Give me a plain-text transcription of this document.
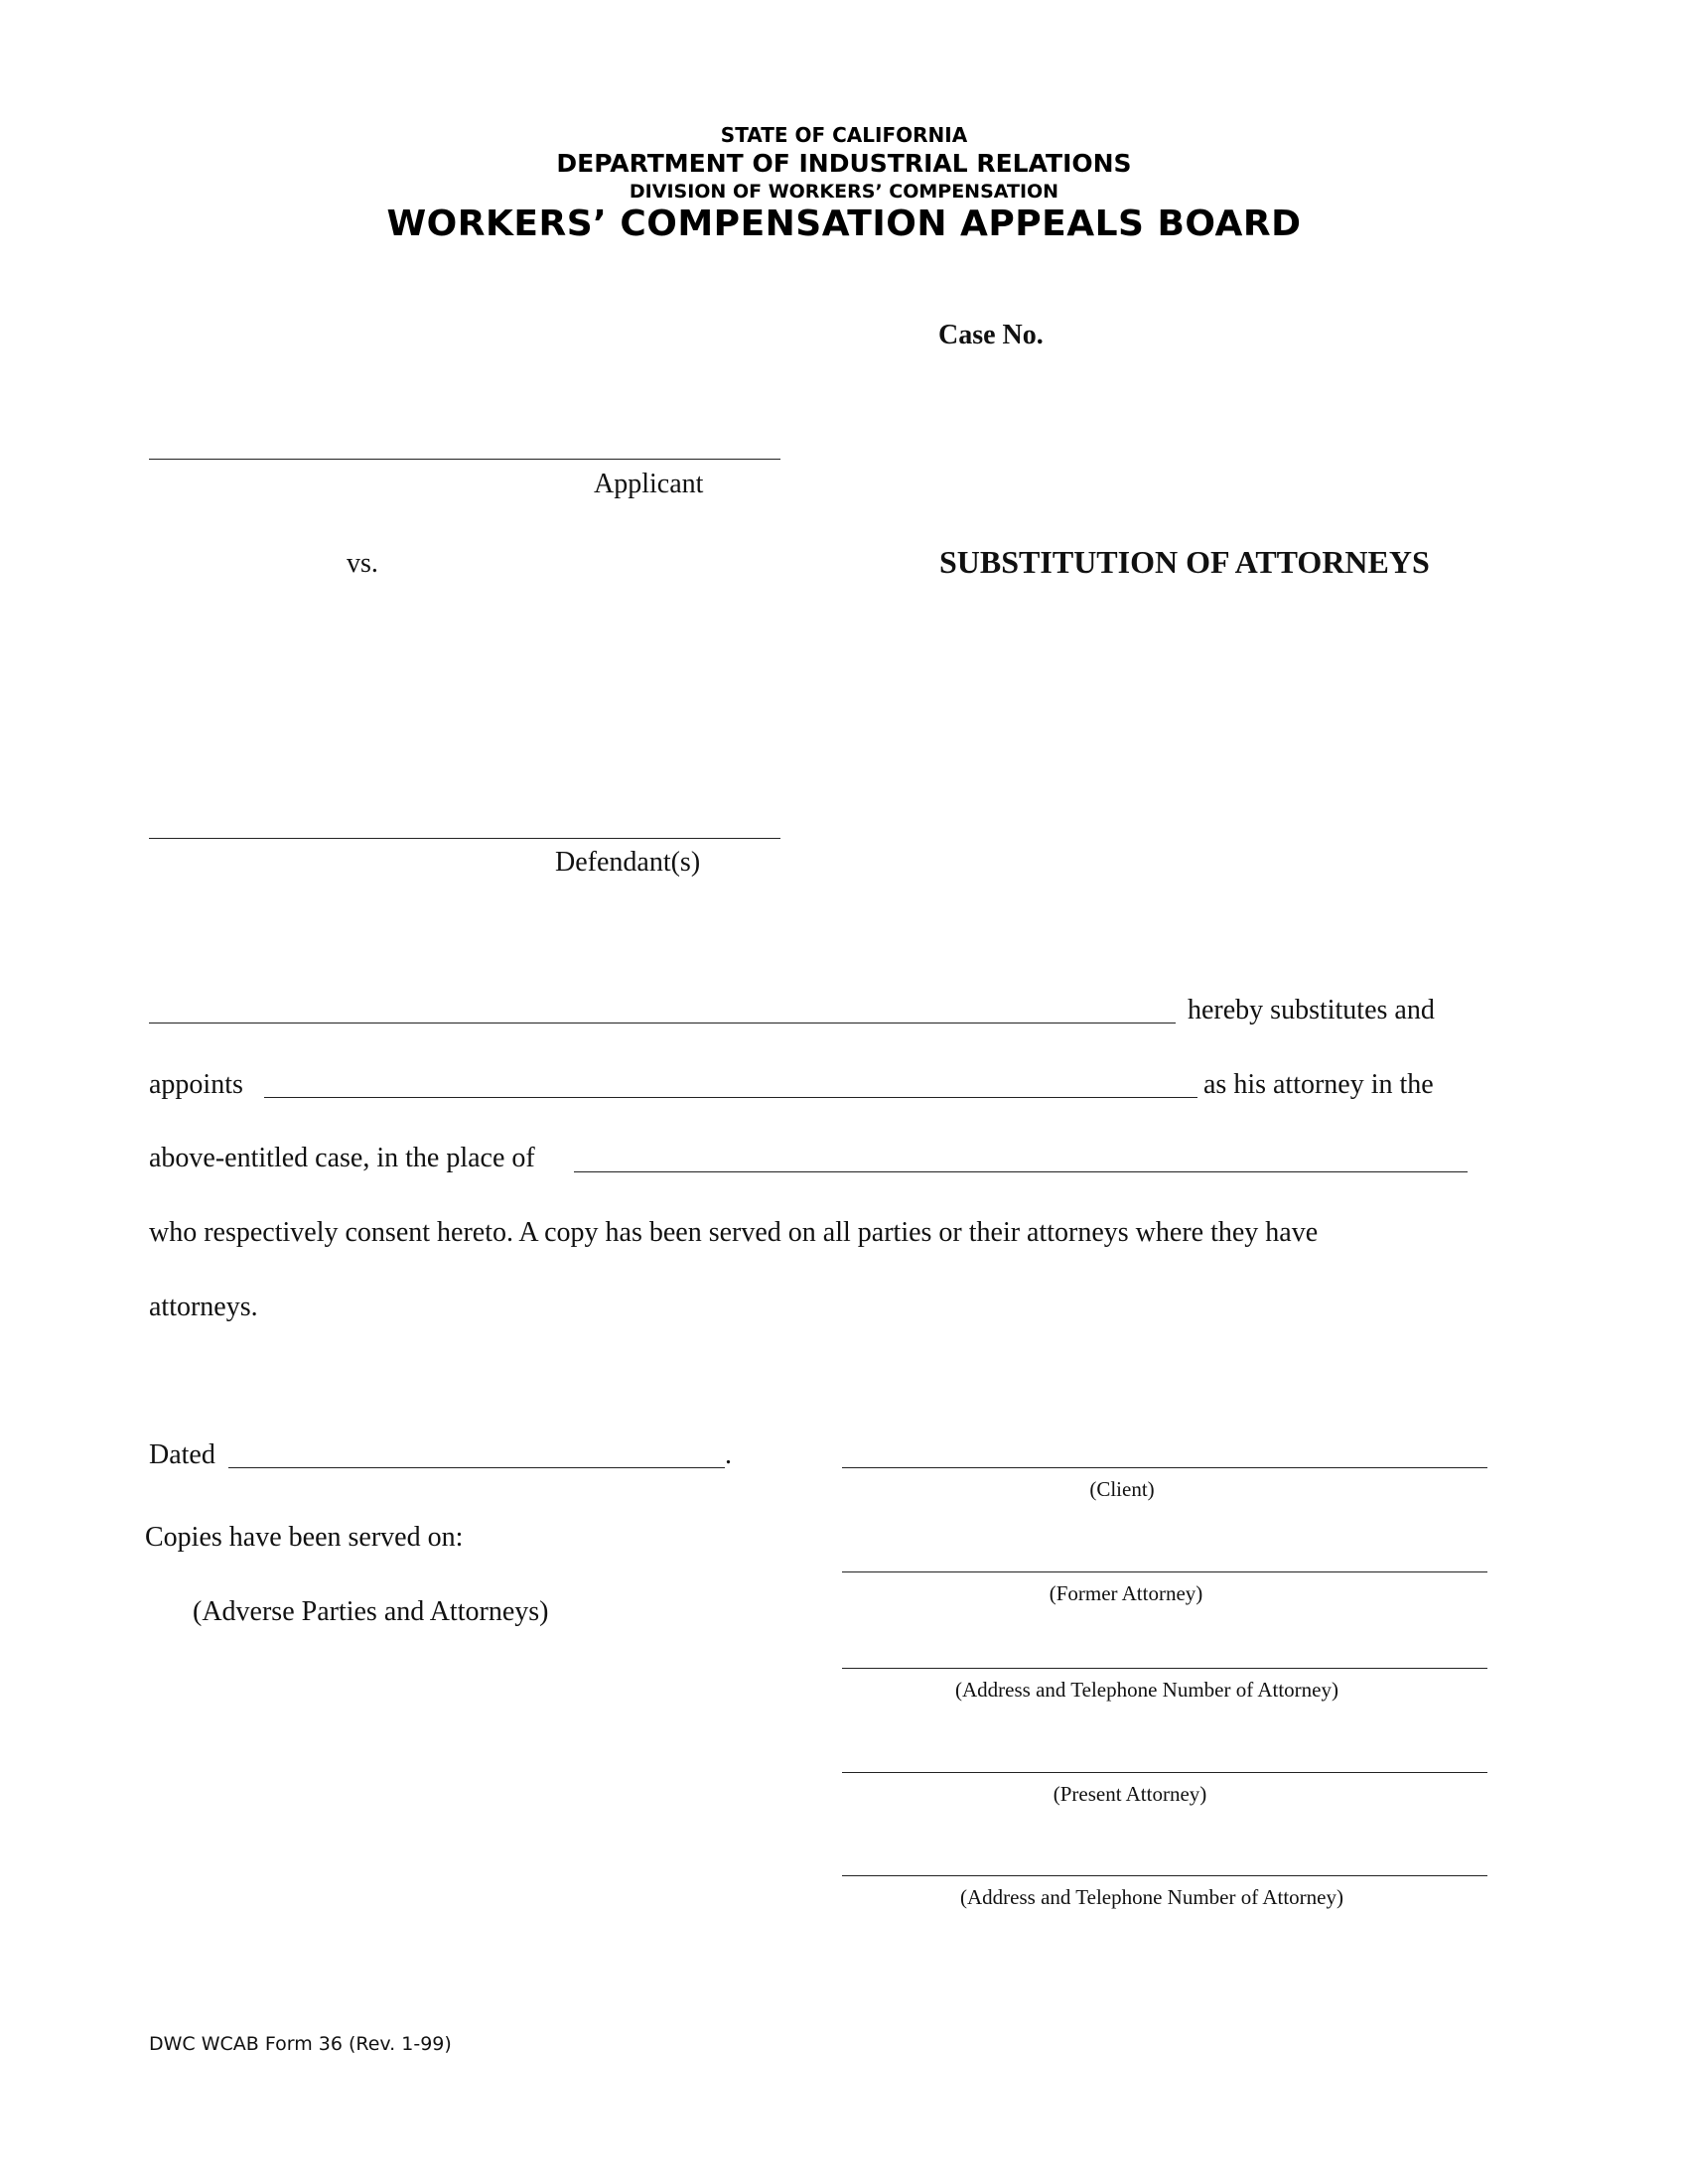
STATE OF CALIFORNIA
DEPARTMENT OF INDUSTRIAL RELATIONS
DIVISION OF WORKERS’ COMPENSATION
WORKERS’ COMPENSATION APPEALS BOARD
Case No.
Applicant
vs.	SUBSTITUTION OF ATTORNEYS
Defendant(s)
hereby substitutes and
appoints	as his attorney in the
above-entitled case, in the place of
who respectively consent hereto. A copy has been served on all parties or their attorneys where they have
attorneys.
Dated	.
Copies have been served on:
(Adverse Parties and Attorneys)
(Client)
(Former Attorney)
(Address and Telephone Number of Attorney)
(Present Attorney)
(Address and Telephone Number of Attorney)
DWC WCAB Form 36 (Rev. 1-99)
